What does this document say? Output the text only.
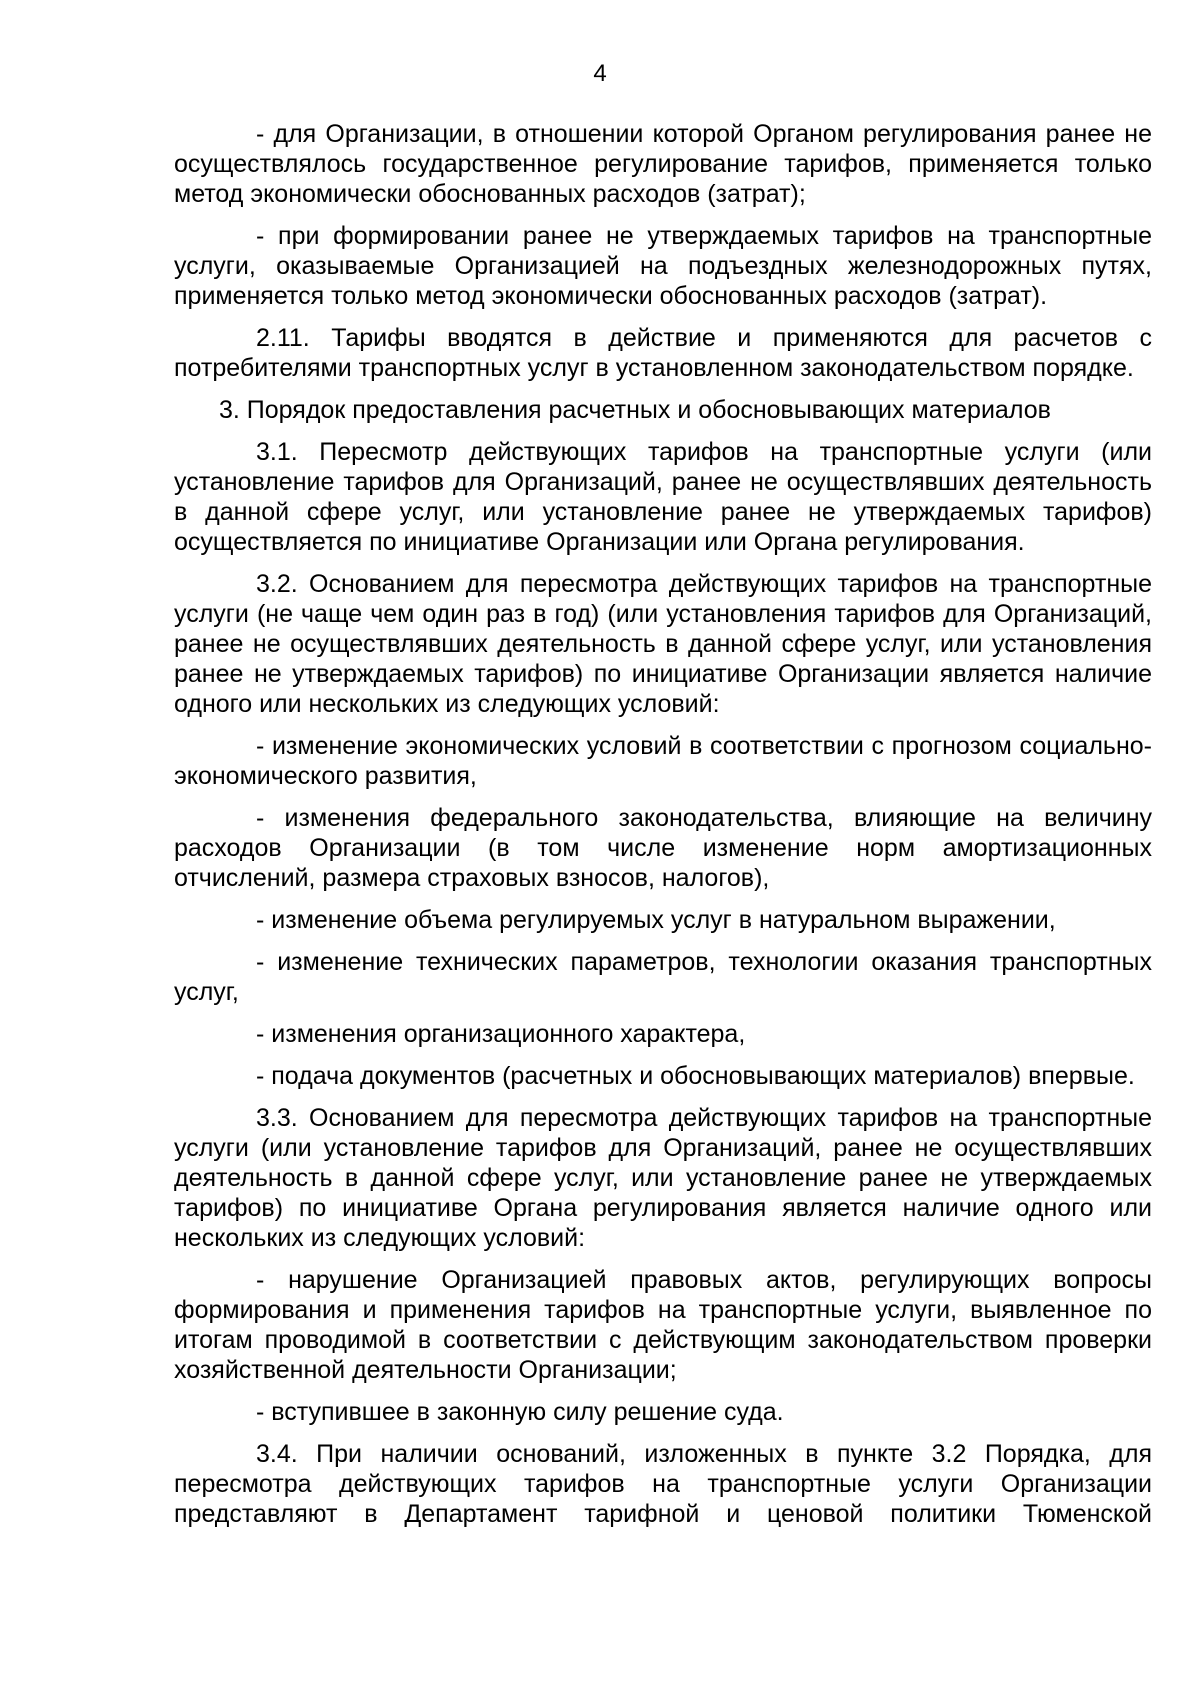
4

- для Организации, в отношении которой Органом регулирования ранее не осуществлялось государственное регулирование тарифов, применяется только метод экономически обоснованных расходов (затрат);

- при формировании ранее не утверждаемых тарифов на транспортные услуги, оказываемые Организацией на подъездных железнодорожных путях, применяется только метод экономически обоснованных расходов (затрат).

2.11. Тарифы вводятся в действие и применяются для расчетов с потребителями транспортных услуг в установленном законодательством порядке.

3. Порядок предоставления расчетных и обосновывающих материалов

3.1. Пересмотр действующих тарифов на транспортные услуги (или установление тарифов для Организаций, ранее не осуществлявших деятельность в данной сфере услуг, или установление ранее не утверждаемых тарифов) осуществляется по инициативе Организации или Органа регулирования.

3.2. Основанием для пересмотра действующих тарифов на транспортные услуги (не чаще чем один раз в год) (или установления тарифов для Организаций, ранее не осуществлявших деятельность в данной сфере услуг, или установления ранее не утверждаемых тарифов) по инициативе Организации является наличие одного или нескольких из следующих условий:

- изменение экономических условий в соответствии с прогнозом социально-экономического развития,

- изменения федерального законодательства, влияющие на величину расходов Организации (в том числе изменение норм амортизационных отчислений, размера страховых взносов, налогов),

- изменение объема регулируемых услуг в натуральном выражении,

- изменение технических параметров, технологии оказания транспортных услуг,

- изменения организационного характера,

- подача документов (расчетных и обосновывающих материалов) впервые.

3.3. Основанием для пересмотра действующих тарифов на транспортные услуги (или установление тарифов для Организаций, ранее не осуществлявших деятельность в данной сфере услуг, или установление ранее не утверждаемых тарифов) по инициативе Органа регулирования является наличие одного или нескольких из следующих условий:

- нарушение Организацией правовых актов, регулирующих вопросы формирования и применения тарифов на транспортные услуги, выявленное по итогам проводимой в соответствии с действующим законодательством проверки хозяйственной деятельности Организации;

- вступившее в законную силу решение суда.

3.4. При наличии оснований, изложенных в пункте 3.2 Порядка, для пересмотра действующих тарифов на транспортные услуги Организации представляют в Департамент тарифной и ценовой политики Тюменской
